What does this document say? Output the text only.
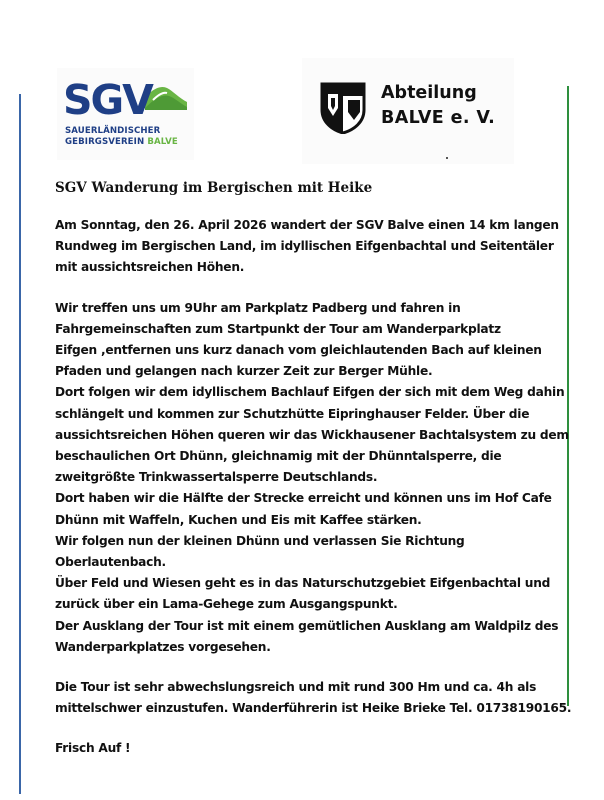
SGV
SAUERLÄNDISCHER
GEBIRGSVEREIN BALVE
Abteilung
BALVE e. V.
SGV Wanderung im Bergischen mit Heike

Am Sonntag, den 26. April 2026 wandert der SGV Balve einen 14 km langen
Rundweg im Bergischen Land, im idyllischen Eifgenbachtal und Seitentäler
mit aussichtsreichen Höhen.

Wir treffen uns um 9Uhr am Parkplatz Padberg und fahren in
Fahrgemeinschaften zum Startpunkt der Tour am Wanderparkplatz
Eifgen ,entfernen uns kurz danach vom gleichlautenden Bach auf kleinen
Pfaden und gelangen nach kurzer Zeit zur Berger Mühle.
Dort folgen wir dem idyllischem Bachlauf Eifgen der sich mit dem Weg dahin
schlängelt und kommen zur Schutzhütte Eipringhauser Felder. Über die
aussichtsreichen Höhen queren wir das Wickhausener Bachtalsystem zu dem
beschaulichen Ort Dhünn, gleichnamig mit der Dhünntalsperre, die
zweitgrößte Trinkwassertalsperre Deutschlands.
Dort haben wir die Hälfte der Strecke erreicht und können uns im Hof Cafe
Dhünn mit Waffeln, Kuchen und Eis mit Kaffee stärken.
Wir folgen nun der kleinen Dhünn und verlassen Sie Richtung
Oberlautenbach.
Über Feld und Wiesen geht es in das Naturschutzgebiet Eifgenbachtal und
zurück über ein Lama-Gehege zum Ausgangspunkt.
Der Ausklang der Tour ist mit einem gemütlichen Ausklang am Waldpilz des
Wanderparkplatzes vorgesehen.

Die Tour ist sehr abwechslungsreich und mit rund 300 Hm und ca. 4h als
mittelschwer einzustufen. Wanderführerin ist Heike Brieke Tel. 01738190165.

Frisch Auf !
